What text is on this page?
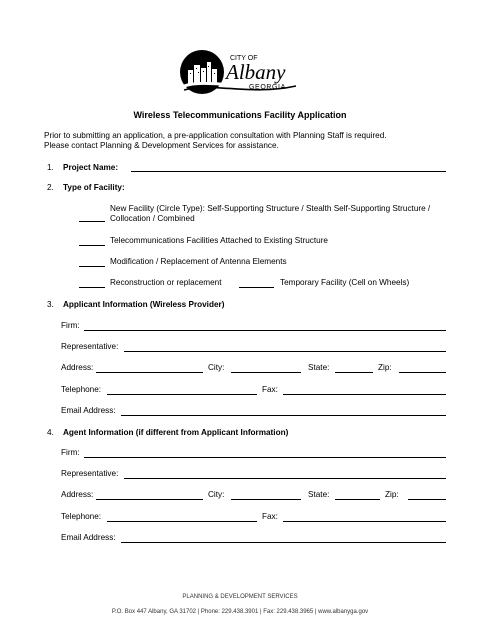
CITY OF
Albany
GEORGIA
Wireless Telecommunications Facility Application
Prior to submitting an application, a pre-application consultation with Planning Staff is required.
Please contact Planning & Development Services for assistance.
1. Project Name:
2. Type of Facility:
New Facility (Circle Type): Self-Supporting Structure / Stealth Self-Supporting Structure /
Collocation / Combined
Telecommunications Facilities Attached to Existing Structure
Modification / Replacement of Antenna Elements
Reconstruction or replacement	Temporary Facility (Cell on Wheels)
3. Applicant Information (Wireless Provider)
Firm:
Representative:
Address:	City:	State:	Zip:
Telephone:	Fax:
Email Address:
4. Agent Information (if different from Applicant Information)
Firm:
Representative:
Address:	City:	State:	Zip:
Telephone:	Fax:
Email Address:
PLANNING & DEVELOPMENT SERVICES
P.O. Box 447 Albany, GA 31702 | Phone: 229.438.3901 | Fax: 229.438.3965 | www.albanyga.gov
